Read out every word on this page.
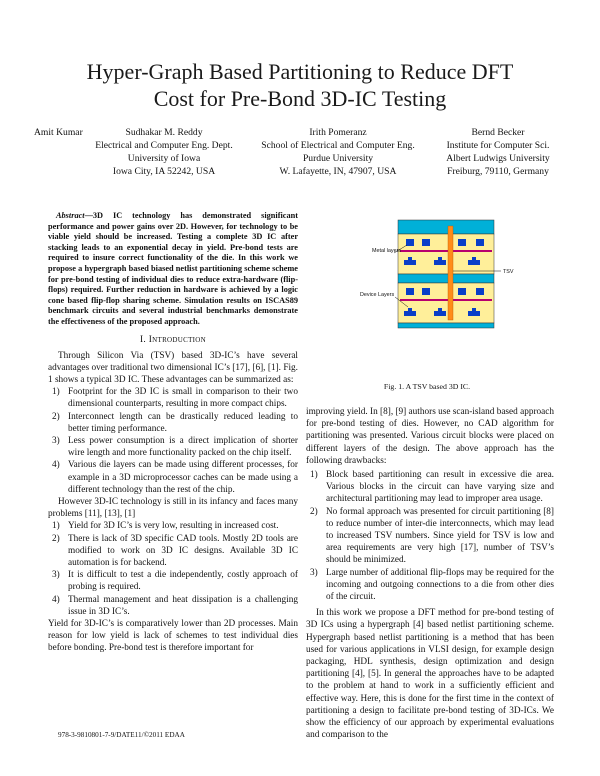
Hyper-Graph Based Partitioning to Reduce DFT
Cost for Pre-Bond 3D-IC Testing
Amit Kumar	Sudhakar M. Reddy
Electrical and Computer Eng. Dept.
University of Iowa
Iowa City, IA 52242, USA
Irith Pomeranz
School of Electrical and Computer Eng.
Purdue University
W. Lafayette, IN, 47907, USA
Bernd Becker
Institute for Computer Sci.
Albert Ludwigs University
Freiburg, 79110, Germany
Abstract—3D IC technology has demonstrated significant performance and power gains over 2D. However, for technology to be viable yield should be increased. Testing a complete 3D IC after stacking leads to an exponential decay in yield. Pre-bond tests are required to insure correct functionality of the die. In this work we propose a hypergraph based biased netlist partitioning scheme scheme for pre-bond testing of individual dies to reduce extra-hardware (flip-flops) required. Further reduction in hardware is achieved by a logic cone based flip-flop sharing scheme. Simulation results on ISCAS89 benchmark circuits and several industrial benchmarks demonstrate the effectiveness of the proposed approach.
I. Introduction

Through Silicon Via (TSV) based 3D-IC’s have several advantages over traditional two dimensional IC’s [17], [6], [1]. Fig. 1 shows a typical 3D IC. These advantages can be summarized as:

1) Footprint for the 3D IC is small in comparison to their two dimensional counterparts, resulting in more compact chips.
2) Interconnect length can be drastically reduced leading to better timing performance.
3) Less power consumption is a direct implication of shorter wire length and more functionality packed on the chip itself.
4) Various die layers can be made using different processes, for example in a 3D microprocessor caches can be made using a different technology than the rest of the chip.

However 3D-IC technology is still in its infancy and faces many problems [11], [13], [1]

1) Yield for 3D IC’s is very low, resulting in increased cost.
2) There is lack of 3D specific CAD tools. Mostly 2D tools are modified to work on 3D IC designs. Available 3D IC automation is for backend.
3) It is difficult to test a die independently, costly approach of probing is required.
4) Thermal management and heat dissipation is a challenging issue in 3D IC’s.

Yield for 3D-IC’s is comparatively lower than 2D processes. Main reason for low yield is lack of schemes to test individual dies before bonding. Pre-bond test is therefore important for

978-3-9810801-7-9/DATE11/©2011 EDAA
Metal layers
TSV
Device Layers
Fig. 1. A TSV based 3D IC.

improving yield. In [8], [9] authors use scan-island based approach for pre-bond testing of dies. However, no CAD algorithm for partitioning was presented. Various circuit blocks were placed on different layers of the design. The above approach has the following drawbacks:

1) Block based partitioning can result in excessive die area. Various blocks in the circuit can have varying size and architectural partitioning may lead to improper area usage.
2) No formal approach was presented for circuit partitioning [8] to reduce number of inter-die interconnects, which may lead to increased TSV numbers. Since yield for TSV is low and area requirements are very high [17], number of TSV’s should be minimized.
3) Large number of additional flip-flops may be required for the incoming and outgoing connections to a die from other dies of the circuit.

In this work we propose a DFT method for pre-bond testing of 3D ICs using a hypergraph [4] based netlist partitioning scheme. Hypergraph based netlist partitioning is a method that has been used for various applications in VLSI design, for example design packaging, HDL synthesis, design optimization and design partitioning [4], [5]. In general the approaches have to be adapted to the problem at hand to work in a sufficiently efficient and effective way. Here, this is done for the first time in the context of partitioning a design to facilitate pre-bond testing of 3D-ICs. We show the efficiency of our approach by experimental evaluations and comparison to the
